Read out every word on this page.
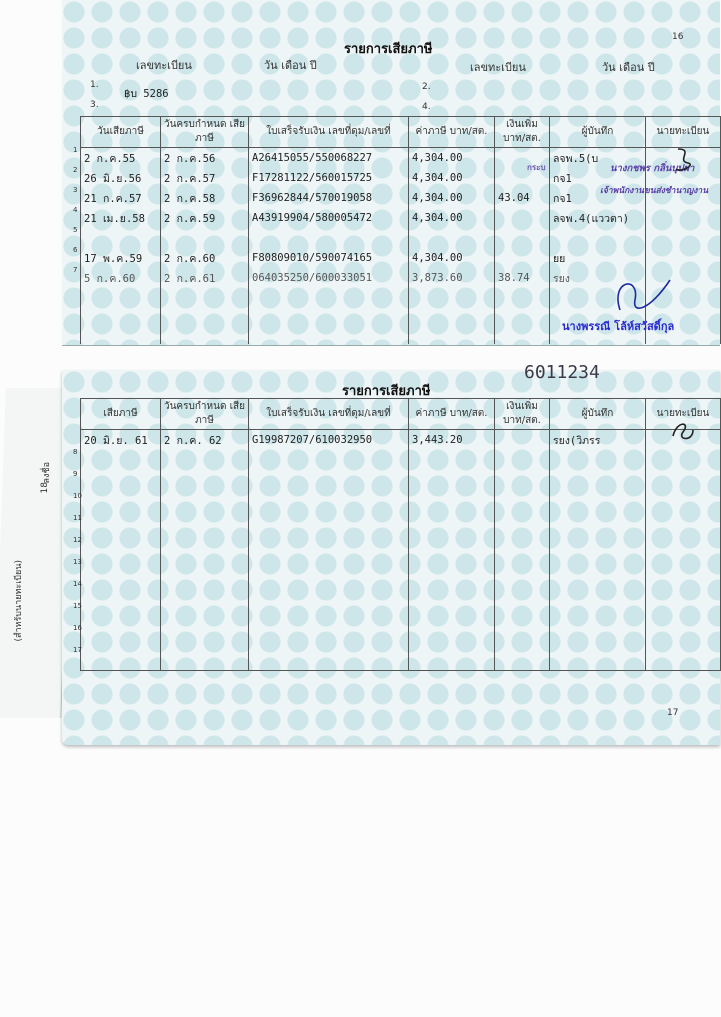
(สำหรับนายทะเบียน)
ลงชื่อ
18
16
รายการเสียภาษี
เลขทะเบียน	วัน เดือน ปี	เลขทะเบียน	วัน เดือน ปี
1.
฿บ 5286
2.
3.	4.
วันเสียภาษี	วันครบกำหนด เสียภาษี	ใบเสร็จรับเงิน เลขที่ดุม/เลขที่	ค่าภาษี บาท/สต.	เงินเพิ่ม บาท/สต.	ผู้บันทึก	นายทะเบียน

1
2 ก.ค.55	2 ก.ค.56	A26415055/550068227	4,304.00		ลจพ.5(บ	

2
26 มิ.ย.56	2 ก.ค.57	F17281122/560015725	4,304.00		กจ1	

3
21 ก.ค.57	2 ก.ค.58	F36962844/570019058	4,304.00	43.04	กจ1	

4
21 เม.ย.58	2 ก.ค.59	A43919904/580005472	4,304.00		ลจพ.4(แววตา)	

5						

6
17 พ.ค.59	2 ก.ค.60	F80809010/590074165	4,304.00		ยย	

7
5 ก.ค.60	2 ก.ค.61	064035250/600033051	3,873.60	38.74	รยง	

กระบ	นางกชพร กลิ่นบุปผา
เจ้าพนักงานขนส่งชำนาญงาน
นางพรรณี โล้ห์สวัสดิ์กุล
6011234
รายการเสียภาษี
17
เสียภาษี	วันครบกำหนด เสียภาษี	ใบเสร็จรับเงิน เลขที่ดุม/เลขที่	ค่าภาษี บาท/สต.	เงินเพิ่ม บาท/สต.	ผู้บันทึก	นายทะเบียน

20 มิ.ย. 61	2 ก.ค. 62	G19987207/610032950	3,443.20		รยง(วิภรร	

8						

9						

10						

11						

12						

13						

14						

15						

16						

17						
